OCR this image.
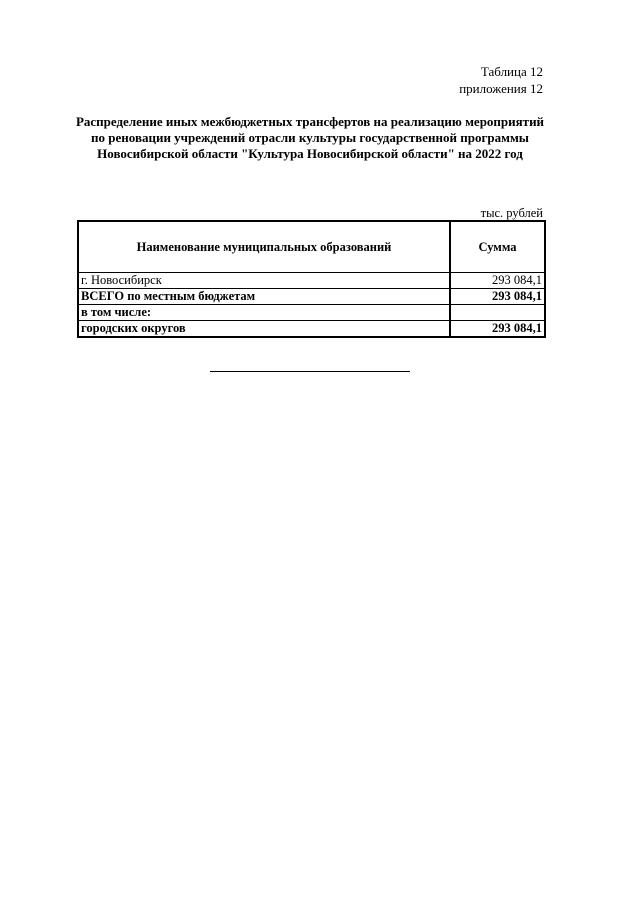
Таблица 12
приложения 12
Распределение иных межбюджетных трансфертов на реализацию мероприятий по реновации учреждений отрасли культуры государственной программы Новосибирской области "Культура Новосибирской области" на 2022 год
тыс. рублей
Наименование муниципальных образований	Сумма
г. Новосибирск	293 084,1
ВСЕГО по местным бюджетам	293 084,1
в том числе:	
городских округов	293 084,1
